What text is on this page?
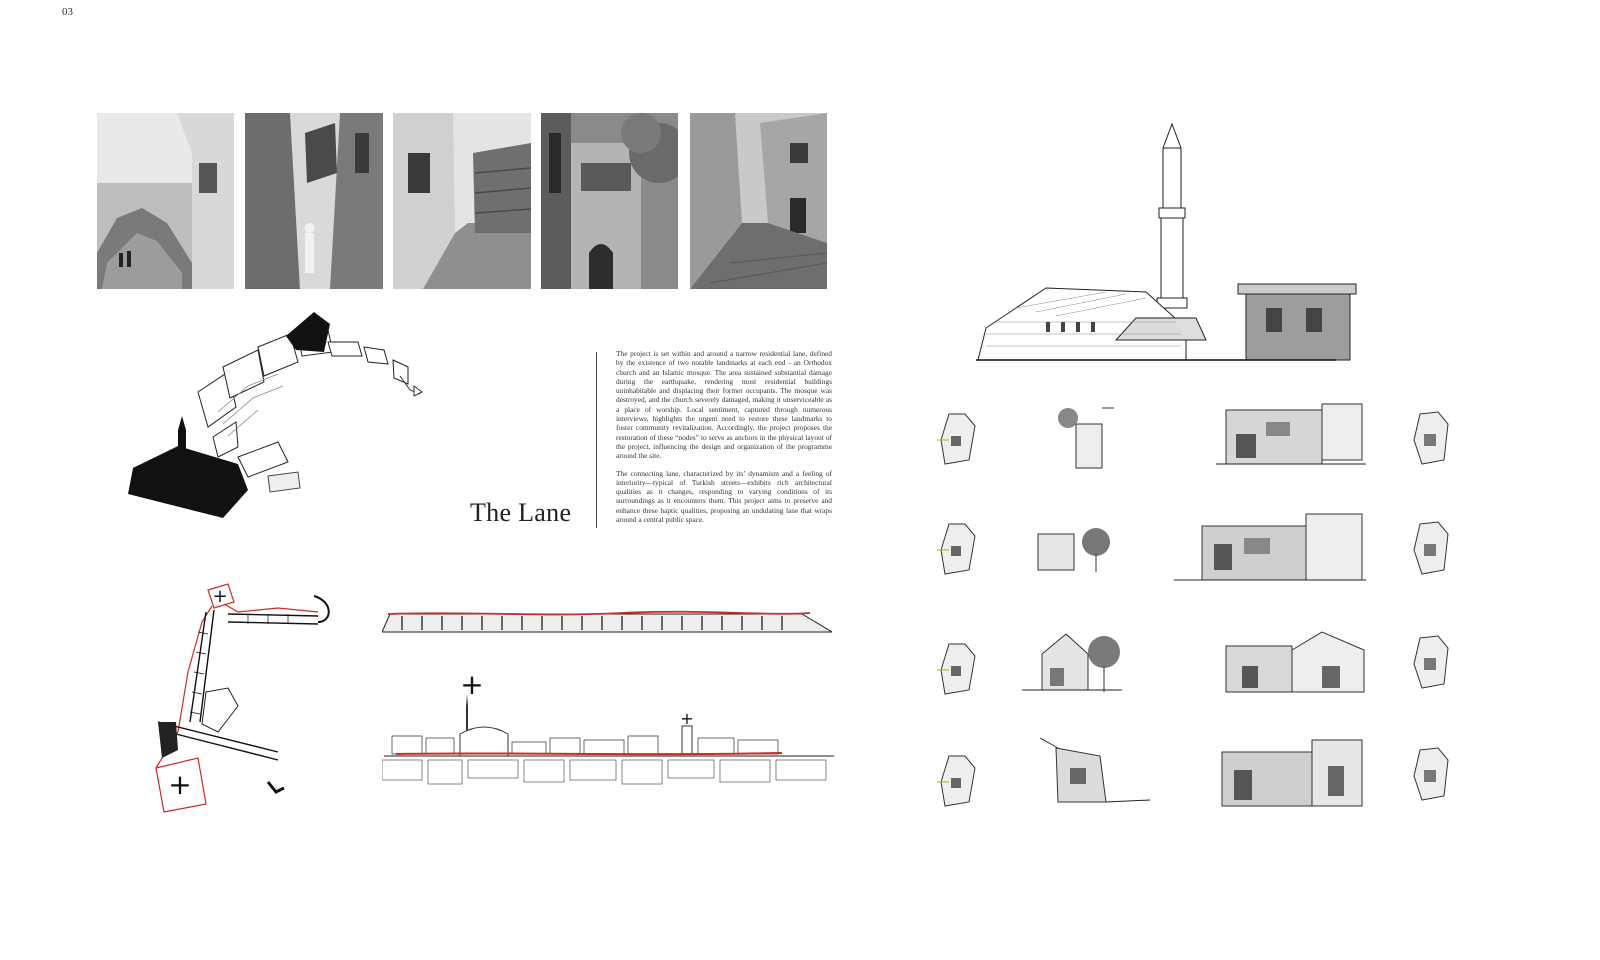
03
The Lane

The project is set within and around a narrow residential lane, defined by the existence of two notable landmarks at each end - an Orthodox church and an Islamic mosque. The area sustained substantial damage during the earthquake, rendering most residential buildings uninhabitable and displacing their former occupants. The mosque was destroyed, and the church severely damaged, making it unserviceable as a place of worship. Local sentiment, captured through numerous interviews, highlights the urgent need to restore these landmarks to foster community revitalization. Accordingly, the project proposes the restoration of these “nodes” to serve as anchors in the physical layout of the project, influencing the design and organization of the programme around the site.

The connecting lane, characterized by its’ dynamism and a feeling of interiority—typical of Turkish streets—exhibits rich architectural qualities as it changes, responding to varying conditions of its surroundings as it encounters them. This project aims to preserve and enhance these haptic qualities, proposing an undulating lane that wraps around a central public space.

+
+
+
+
